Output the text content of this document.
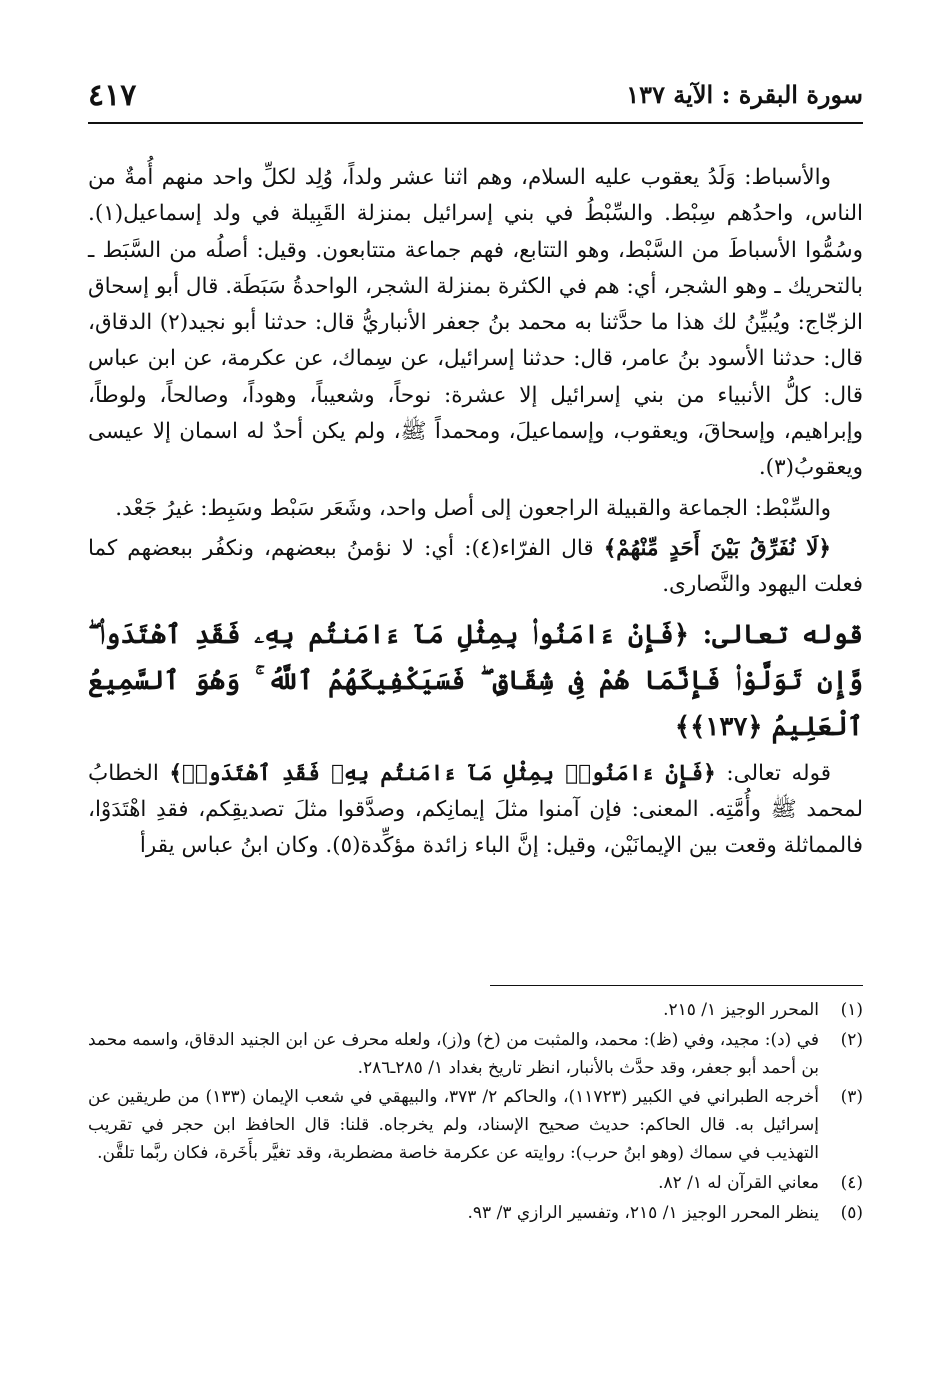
سورة البقرة : الآية ١٣٧
٤١٧

والأسباط: وَلَدُ يعقوب عليه السلام، وهم اثنا عشر ولداً، وُلِد لكلِّ واحد منهم أُمةٌ من الناس، واحدُهم سِبْط. والسِّبْطُ في بني إسرائيل بمنزلة القَبِيلة في ولد إسماعيل(١). وسُمُّوا الأسباطَ من السَّبْط، وهو التتابع، فهم جماعة متتابعون. وقيل: أصلُه من السَّبَط ـ بالتحريك ـ وهو الشجر، أي: هم في الكثرة بمنزلة الشجر، الواحدةُ سَبَطَة. قال أبو إسحاق الزجّاج: ويُبيِّنُ لك هذا ما حدَّثنا به محمد بنُ جعفر الأنباريُّ قال: حدثنا أبو نجيد(٢) الدقاق، قال: حدثنا الأسود بنُ عامر، قال: حدثنا إسرائيل، عن سِماك، عن عكرمة، عن ابن عباس قال: كلُّ الأنبياء من بني إسرائيل إلا عشرة: نوحاً، وشعيباً، وهوداً، وصالحاً، ولوطاً، وإبراهيم، وإسحاقَ، ويعقوب، وإسماعيلَ، ومحمداً ﷺ، ولم يكن أحدٌ له اسمان إلا عيسى ويعقوبُ(٣).

والسِّبْط: الجماعة والقبيلة الراجعون إلى أصل واحد، وشَعَر سَبْط وسَبِط: غيرُ جَعْد.

﴿لَا نُفَرِّقُ بَيْنَ أَحَدٍ مِّنْهُمْ﴾ قال الفرّاء(٤): أي: لا نؤمنُ ببعضهم، ونكفُر ببعضهم كما فعلت اليهود والنَّصارى.

قوله تعالى: ﴿فَإِنْ ءَامَنُوا۟ بِمِثْلِ مَآ ءَامَنتُم بِهِۦ فَقَدِ ٱهْتَدَوا۟ ۖ وَّإِن تَوَلَّوْا۟ فَإِنَّمَا هُمْ فِى شِقَاقٍ ۖ فَسَيَكْفِيكَهُمُ ٱللَّهُ ۚ وَهُوَ ٱلسَّمِيعُ ٱلْعَلِيمُ ﴿١٣٧﴾﴾

قوله تعالى: ﴿فَإِنْ ءَامَنُوا۟ بِمِثْلِ مَآ ءَامَنتُم بِهِۦ فَقَدِ ٱهْتَدَوا۟﴾ الخطابُ لمحمد ﷺ وأُمَّتِه. المعنى: فإن آمنوا مثلَ إيمانِكم، وصدَّقوا مثلَ تصديقِكم، فقدِ اهْتَدَوْا، فالمماثلة وقعت بين الإيمانَيْن، وقيل: إنَّ الباء زائدة مؤكِّدة(٥). وكان ابنُ عباس يقرأ

(١)
المحرر الوجيز ١/ ٢١٥.

(٢)
في (د): مجيد، وفي (ظ): محمد، والمثبت من (خ) و(ز)، ولعله محرف عن ابن الجنيد الدقاق، واسمه محمد بن أحمد أبو جعفر، وقد حدَّث بالأنبار، انظر تاريخ بغداد ١/ ٢٨٥ـ٢٨٦.

(٣)
أخرجه الطبراني في الكبير (١١٧٢٣)، والحاكم ٢/ ٣٧٣، والبيهقي في شعب الإيمان (١٣٣) من طريقين عن إسرائيل به. قال الحاكم: حديث صحيح الإسناد، ولم يخرجاه. قلنا: قال الحافظ ابن حجر في تقريب التهذيب في سماك (وهو ابنُ حرب): روايته عن عكرمة خاصة مضطربة، وقد تغيَّر بأَخَرة، فكان ربَّما تلقَّن.

(٤)
معاني القرآن له ١/ ٨٢.

(٥)
ينظر المحرر الوجيز ١/ ٢١٥، وتفسير الرازي ٣/ ٩٣.
